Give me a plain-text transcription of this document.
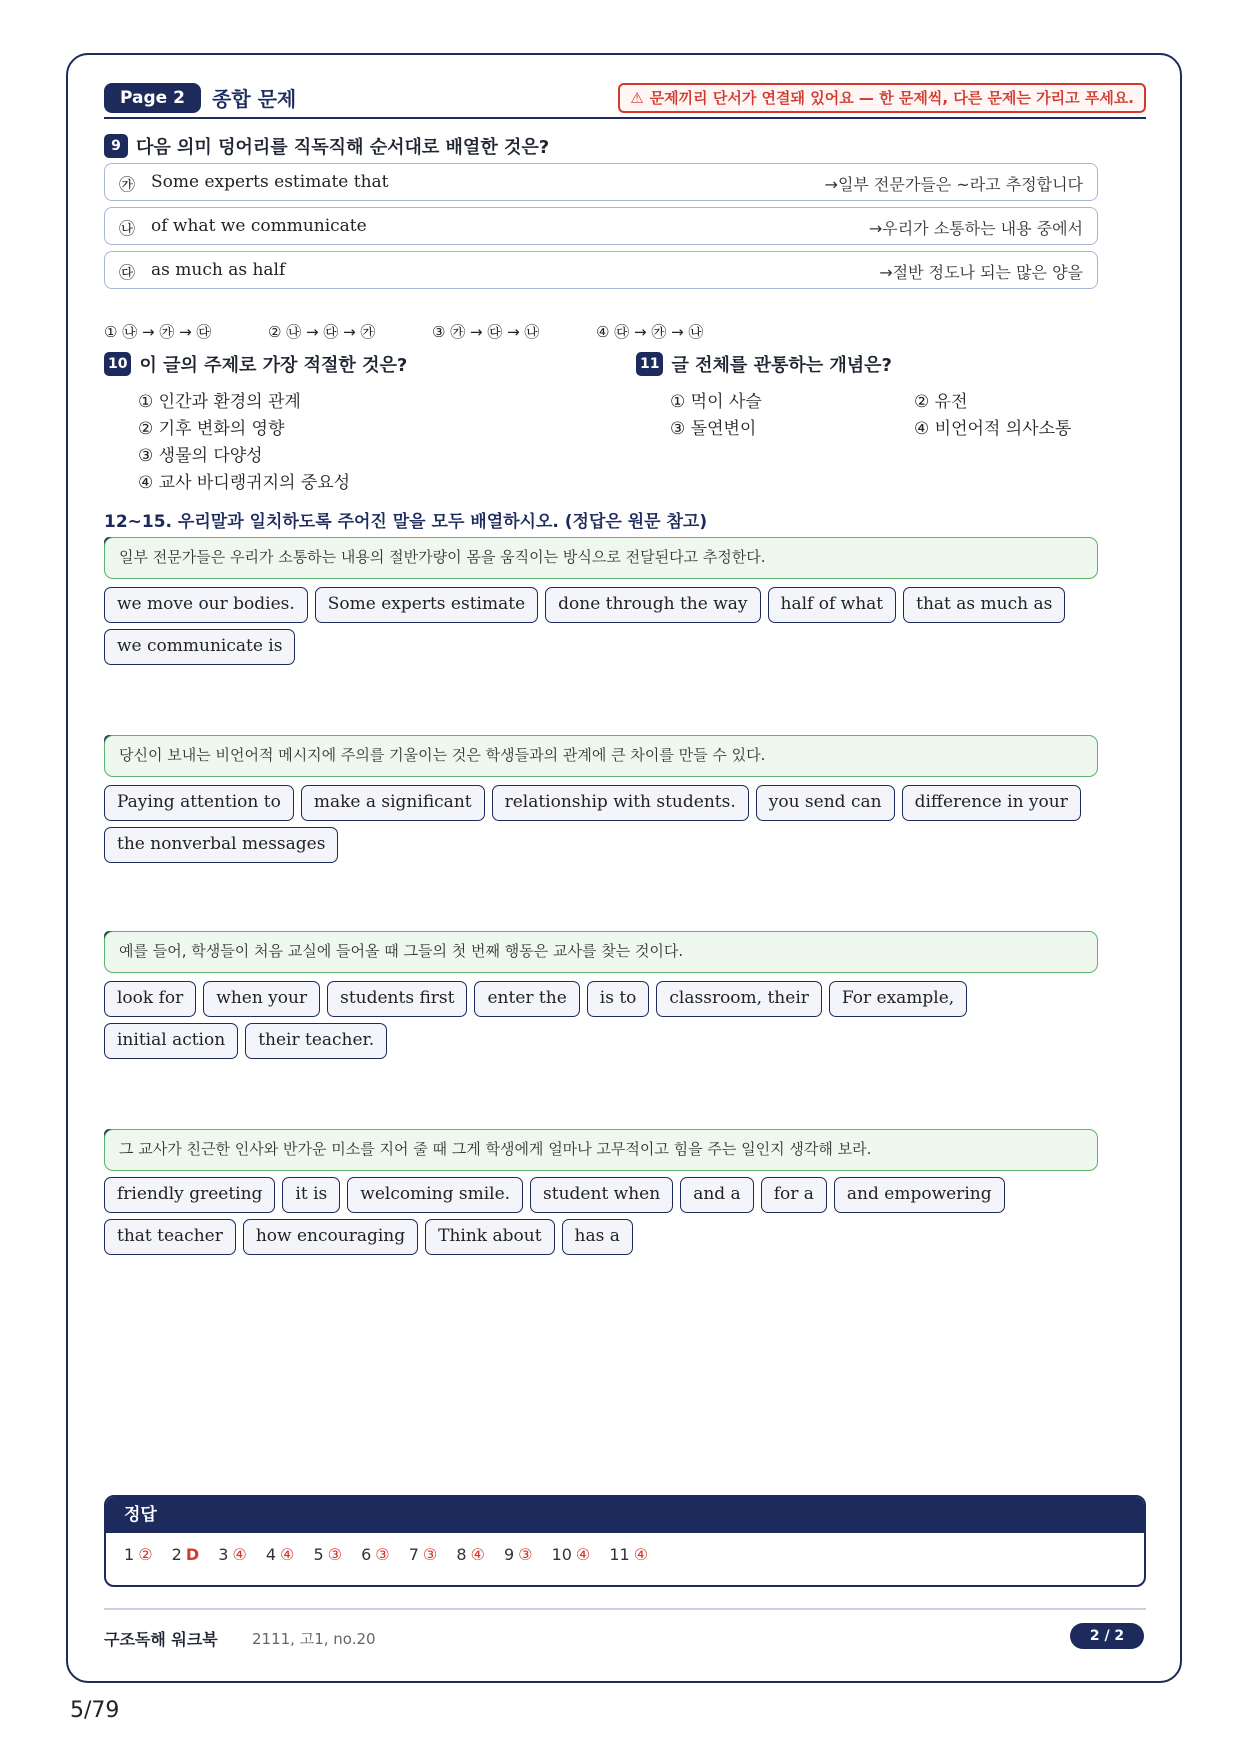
Page 2	종합 문제	⚠ 문제끼리 단서가 연결돼 있어요 — 한 문제씩, 다른 문제는 가리고 푸세요.
9 다음 의미 덩어리를 직독직해 순서대로 배열한 것은?
㉮ Some experts estimate that	→일부 전문가들은 ~라고 추정합니다
㉯ of what we communicate	→우리가 소통하는 내용 중에서
㉰ as much as half	→절반 정도나 되는 많은 양을
① ㉯ → ㉮ → ㉰	② ㉯ → ㉰ → ㉮	③ ㉮ → ㉰ → ㉯	④ ㉰ → ㉮ → ㉯
10 이 글의 주제로 가장 적절한 것은?
① 인간과 환경의 관계
② 기후 변화의 영향
③ 생물의 다양성
④ 교사 바디랭귀지의 중요성
11 글 전체를 관통하는 개념은?
① 먹이 사슬	② 유전
③ 돌연변이	④ 비언어적 의사소통
12~15. 우리말과 일치하도록 주어진 말을 모두 배열하시오. (정답은 원문 참고)
일부 전문가들은 우리가 소통하는 내용의 절반가량이 몸을 움직이는 방식으로 전달된다고 추정한다.
we move our bodies.	Some experts estimate	done through the way	half of what	that as much as
we communicate is
당신이 보내는 비언어적 메시지에 주의를 기울이는 것은 학생들과의 관계에 큰 차이를 만들 수 있다.
Paying attention to	make a significant	relationship with students.	you send can	difference in your
the nonverbal messages
예를 들어, 학생들이 처음 교실에 들어올 때 그들의 첫 번째 행동은 교사를 찾는 것이다.
look for	when your	students first	enter the	is to	classroom, their	For example,
initial action	their teacher.
그 교사가 친근한 인사와 반가운 미소를 지어 줄 때 그게 학생에게 얼마나 고무적이고 힘을 주는 일인지 생각해 보라.
friendly greeting	it is	welcoming smile.	student when	and a	for a	and empowering
that teacher	how encouraging	Think about	has a
정답
1 ② 2 D 3 ④ 4 ④ 5 ③ 6 ③ 7 ③ 8 ④ 9 ③ 10 ④ 11 ④
구조독해 워크북 2111, 고1, no.20	2 / 2
5/79
